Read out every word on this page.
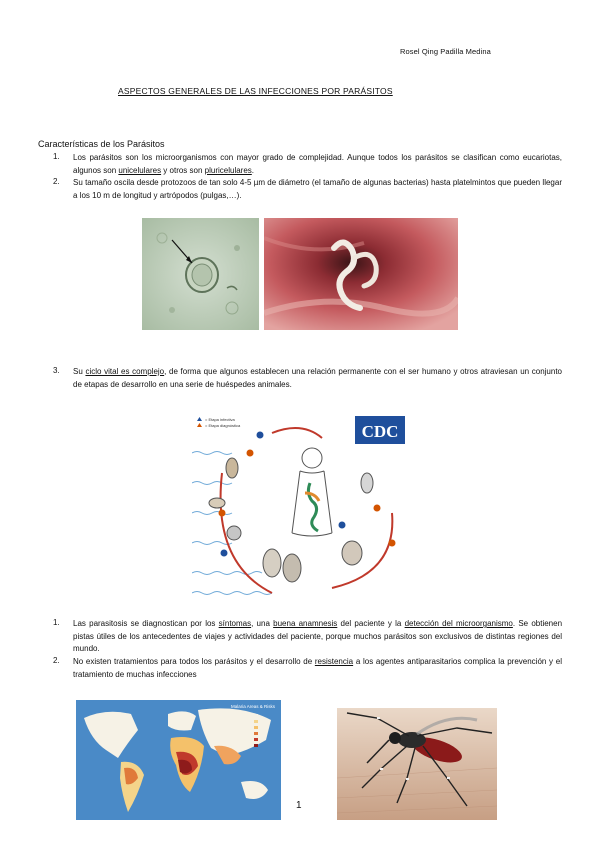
Rosel Qing Padilla Medina
ASPECTOS GENERALES DE LAS INFECCIONES POR PARÁSITOS
Características de los Parásitos
1. Los parásitos son los microorganismos con mayor grado de complejidad. Aunque todos los parásitos se clasifican como eucariotas, algunos son unicelulares y otros son pluricelulares.
2. Su tamaño oscila desde protozoos de tan solo 4-5 µm de diámetro (el tamaño de algunas bacterias) hasta platelmintos que pueden llegar a los 10 m de longitud y artrópodos (pulgas,…).
3. Su ciclo vital es complejo, de forma que algunos establecen una relación permanente con el ser humano y otros atraviesan un conjunto de etapas de desarrollo en una serie de huéspedes animales.
CDC
= Etapa infectiva
= Etapa diagnóstica
1. Las parasitosis se diagnostican por los síntomas, una buena anamnesis del paciente y la detección del microorganismo. Se obtienen pistas útiles de los antecedentes de viajes y actividades del paciente, porque muchos parásitos son exclusivos de distintas regiones del mundo.
2. No existen tratamientos para todos los parásitos y el desarrollo de resistencia a los agentes antiparasitarios complica la prevención y el tratamiento de muchas infecciones
Malaria Areas & Risks
1
